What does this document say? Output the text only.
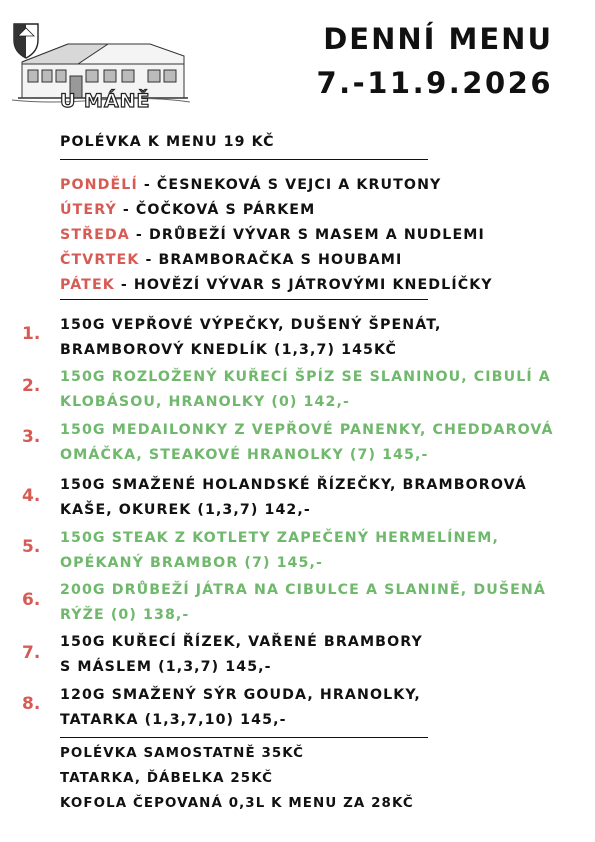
U MÁNĚ
DENNÍ MENU
7.-11.9.2026
POLÉVKA K MENU 19 KČ
PONDĚLÍ - ČESNEKOVÁ S VEJCI A KRUTONY
ÚTERÝ - ČOČKOVÁ S PÁRKEM
STŘEDA - DRŮBEŽÍ VÝVAR S MASEM A NUDLEMI
ČTVRTEK - BRAMBORAČKA S HOUBAMI
PÁTEK - HOVĚZÍ VÝVAR S JÁTROVÝMI KNEDLÍČKY
1. 150G VEPŘOVÉ VÝPEČKY, DUŠENÝ ŠPENÁT,
BRAMBOROVÝ KNEDLÍK (1,3,7) 145KČ
2. 150G ROZLOŽENÝ KUŘECÍ ŠPÍZ SE SLANINOU, CIBULÍ A
KLOBÁSOU, HRANOLKY (0) 142,-
3. 150G MEDAILONKY Z VEPŘOVÉ PANENKY, CHEDDAROVÁ
OMÁČKA, STEAKOVÉ HRANOLKY (7) 145,-
4.
150G SMAŽENÉ HOLANDSKÉ ŘÍZEČKY, BRAMBOROVÁ
KAŠE, OKUREK (1,3,7) 142,-
5. 150G STEAK Z KOTLETY ZAPEČENÝ HERMELÍNEM,
OPÉKANÝ BRAMBOR (7) 145,-
6. 200G DRŮBEŽÍ JÁTRA NA CIBULCE A SLANINĚ, DUŠENÁ
RÝŽE (0) 138,-
7.
150G KUŘECÍ ŘÍZEK, VAŘENÉ BRAMBORY
S MÁSLEM (1,3,7) 145,-
8. 120G SMAŽENÝ SÝR GOUDA, HRANOLKY,
TATARKA (1,3,7,10) 145,-
POLÉVKA SAMOSTATNĚ 35KČ
TATARKA, ĎÁBELKA 25KČ
KOFOLA ČEPOVANÁ 0,3L K MENU ZA 28KČ
